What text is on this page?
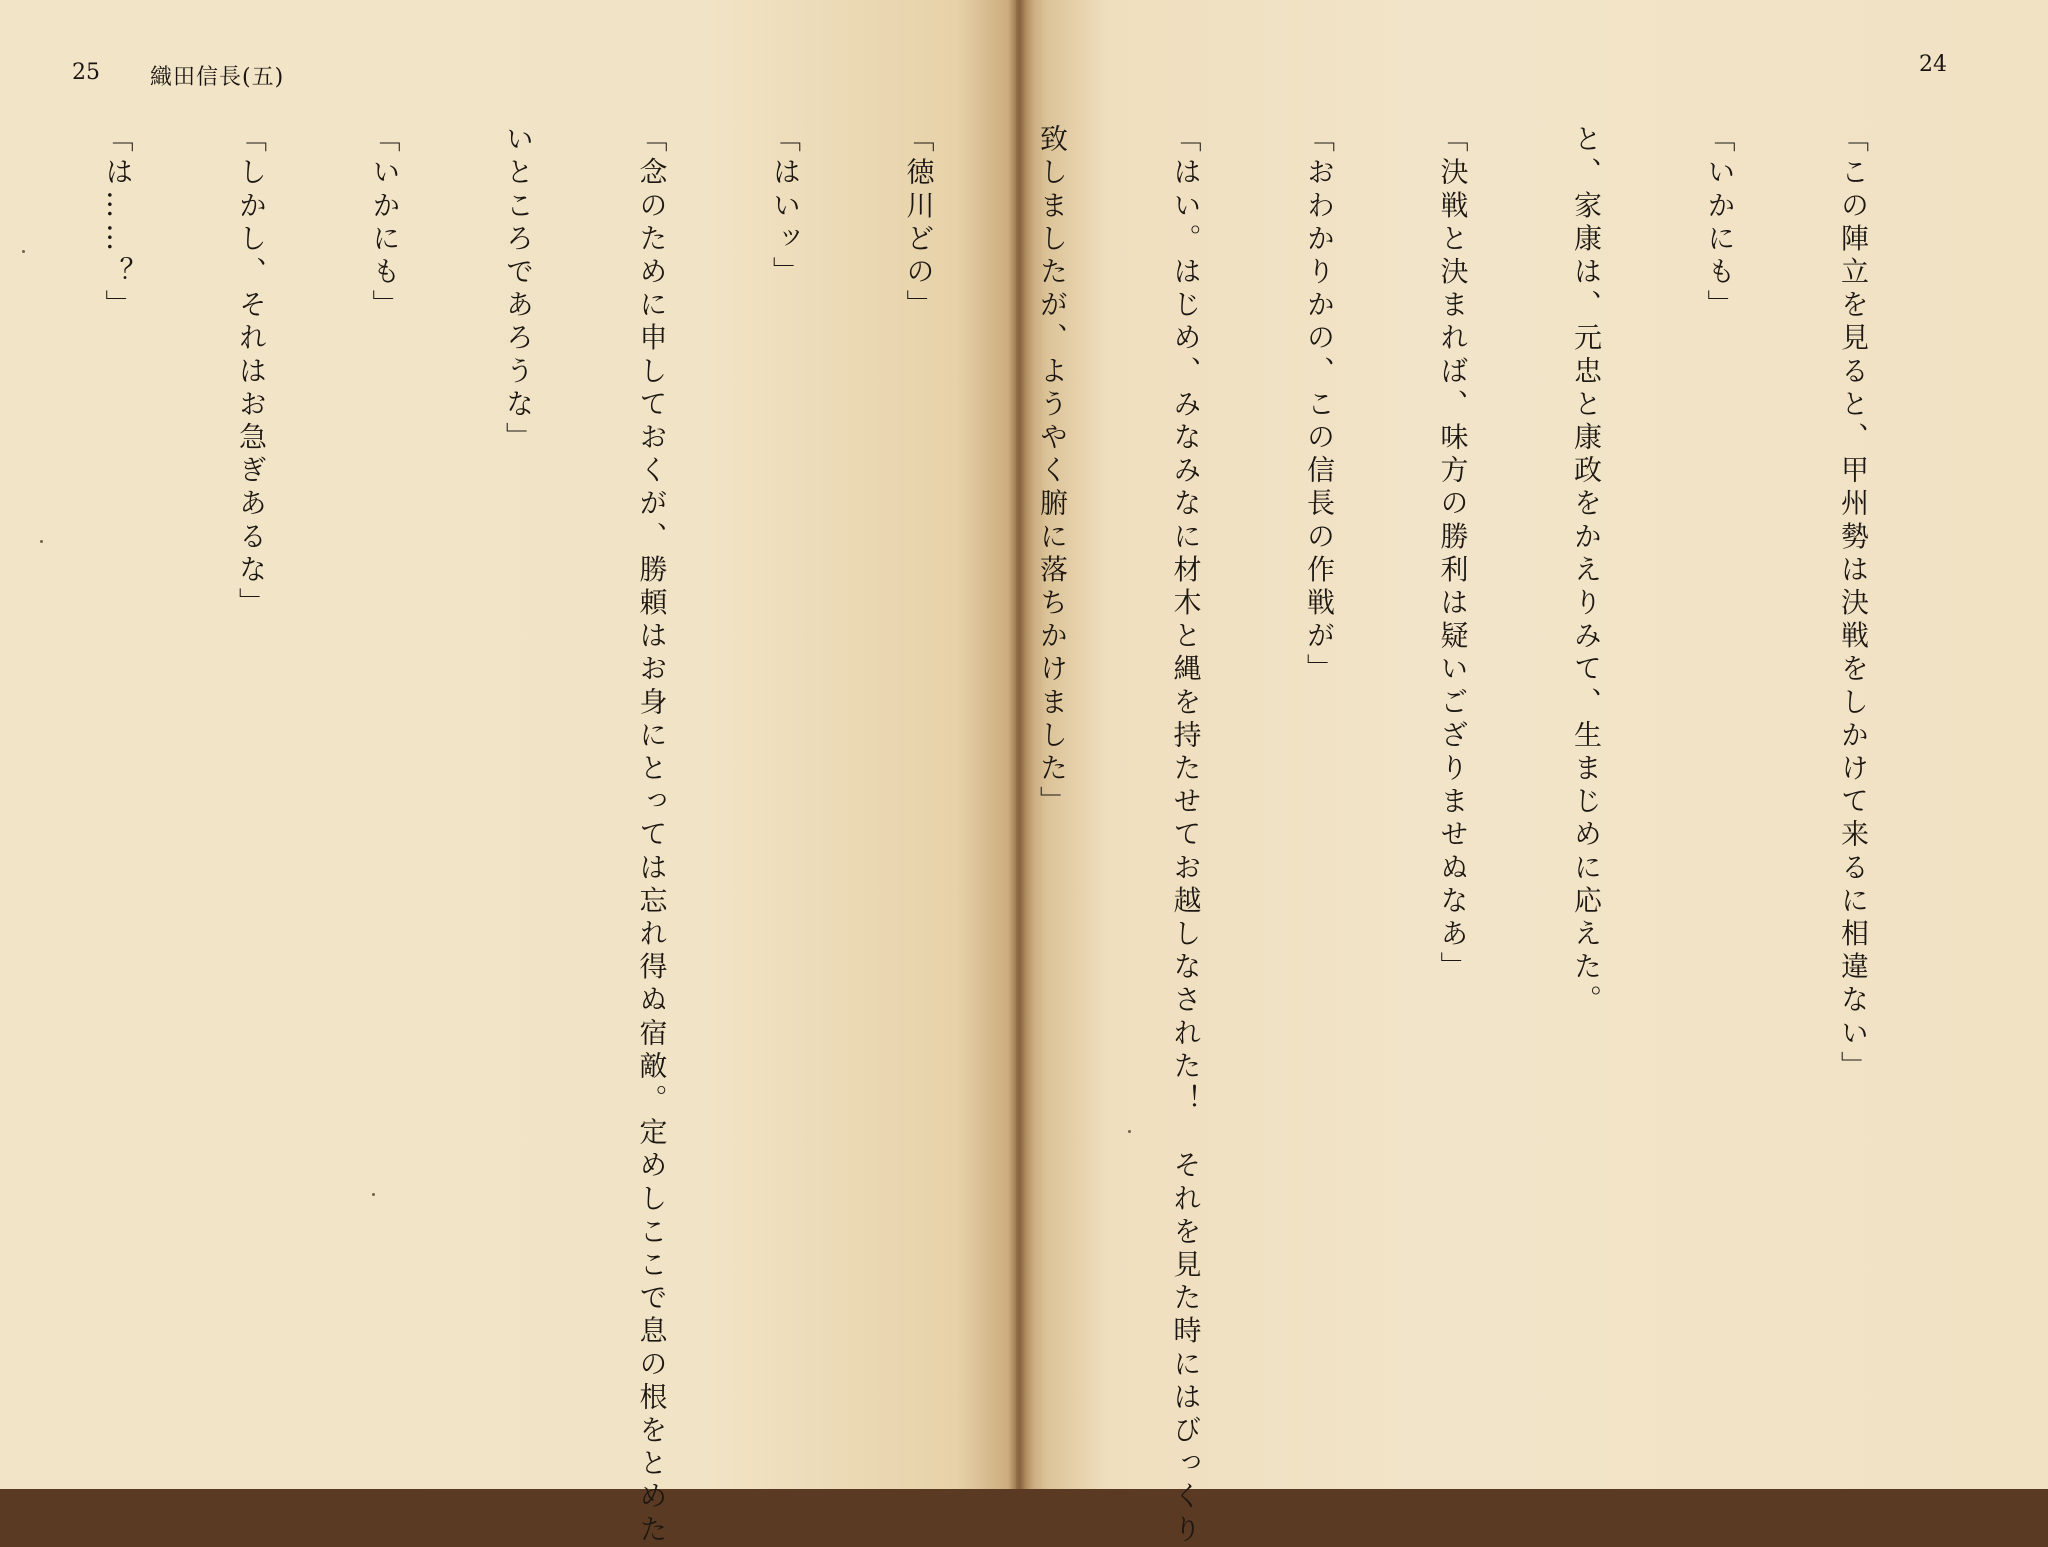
25 織田信長(五)

24

「この陣立を見ると、甲州勢は決戦をしかけて来るに相違ない」

「いかにも」

と、家康は、元忠と康政をかえりみて、生まじめに応えた。

「決戦と決まれば、味方の勝利は疑いござりませぬなあ」

「おわかりかの、この信長の作戦が」

「はい。はじめ、みなみなに材木と縄を持たせてお越しなされた！　それを見た時にはびっくり

致しましたが、ようやく腑に落ちかけました」

「徳川どの」

「はいッ」

「念のために申しておくが、勝頼はお身にとっては忘れ得ぬ宿敵。定めしここで息の根をとめた

いところであろうな」

「いかにも」

「しかし、それはお急ぎあるな」

「は……？」
